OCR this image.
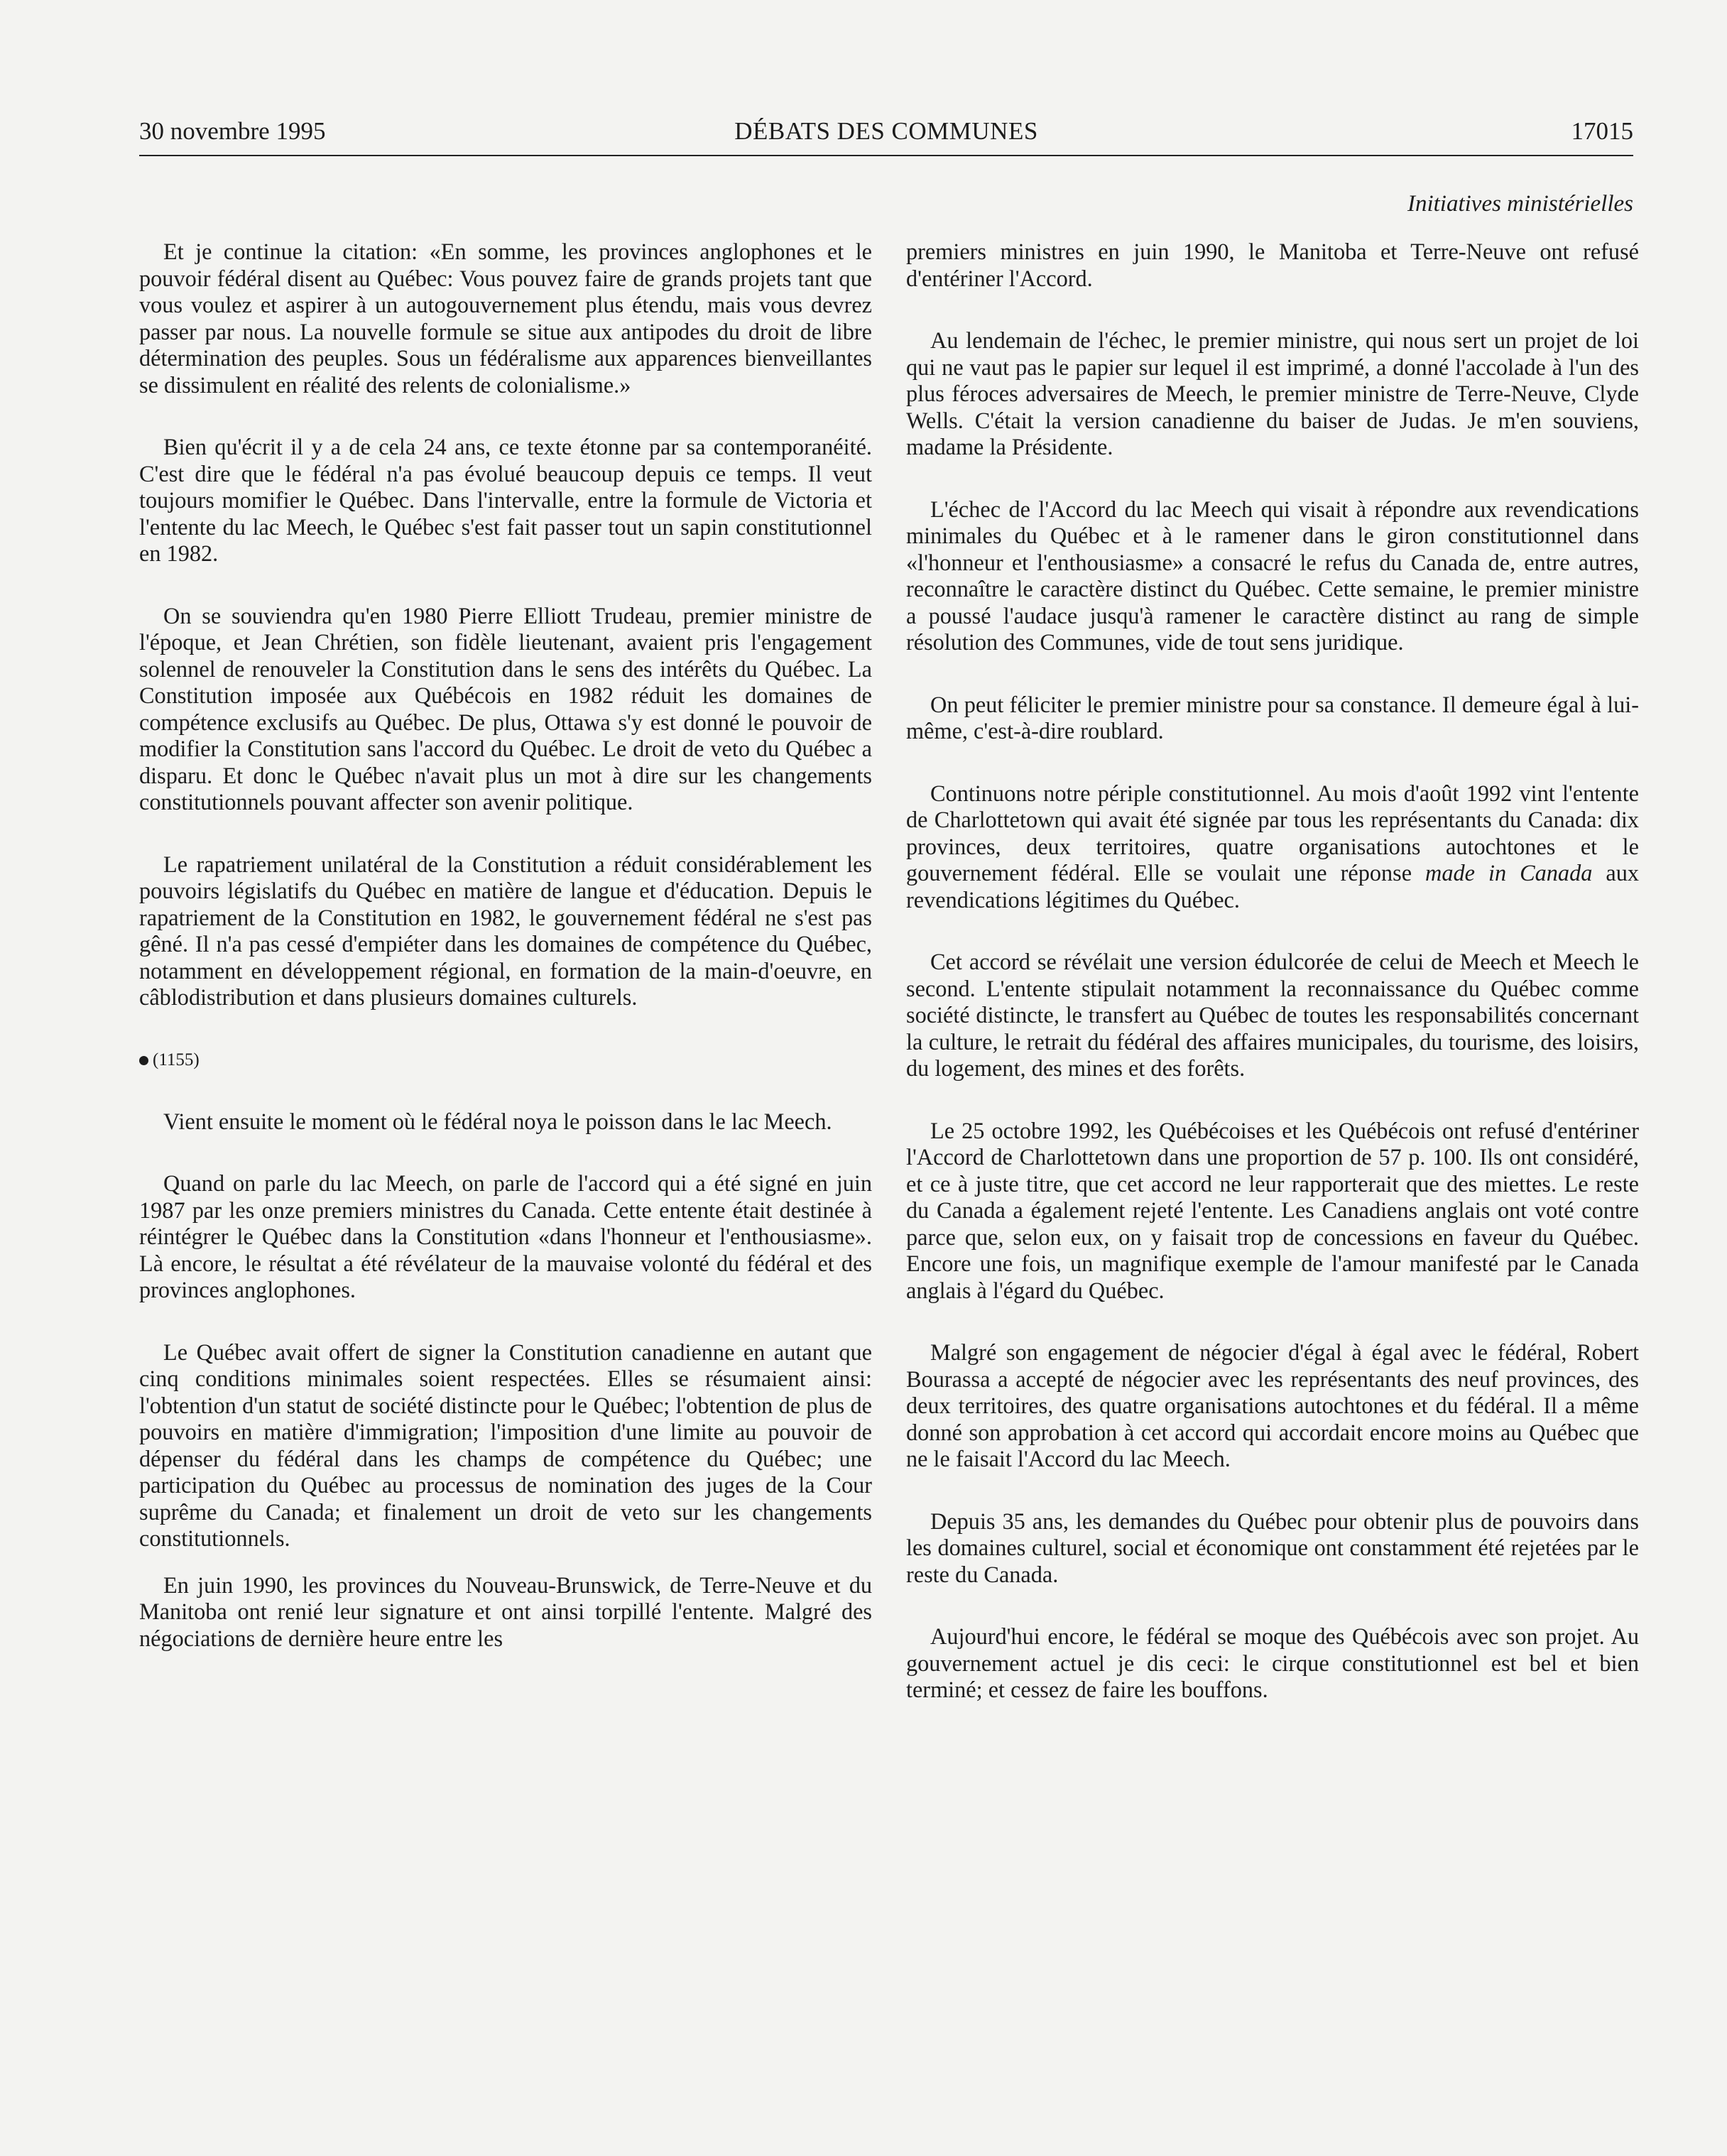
30 novembre 1995	DÉBATS DES COMMUNES	17015
Initiatives ministérielles

Et je continue la citation: «En somme, les provinces anglophones et le pouvoir fédéral disent au Québec: Vous pouvez faire de grands projets tant que vous voulez et aspirer à un autogouvernement plus étendu, mais vous devrez passer par nous. La nouvelle formule se situe aux antipodes du droit de libre détermination des peuples. Sous un fédéralisme aux apparences bienveillantes se dissimulent en réalité des relents de colonialisme.»

Bien qu'écrit il y a de cela 24 ans, ce texte étonne par sa contemporanéité. C'est dire que le fédéral n'a pas évolué beaucoup depuis ce temps. Il veut toujours momifier le Québec. Dans l'intervalle, entre la formule de Victoria et l'entente du lac Meech, le Québec s'est fait passer tout un sapin constitutionnel en 1982.

On se souviendra qu'en 1980 Pierre Elliott Trudeau, premier ministre de l'époque, et Jean Chrétien, son fidèle lieutenant, avaient pris l'engagement solennel de renouveler la Constitution dans le sens des intérêts du Québec. La Constitution imposée aux Québécois en 1982 réduit les domaines de compétence exclusifs au Québec. De plus, Ottawa s'y est donné le pouvoir de modifier la Constitution sans l'accord du Québec. Le droit de veto du Québec a disparu. Et donc le Québec n'avait plus un mot à dire sur les changements constitutionnels pouvant affecter son avenir politique.

Le rapatriement unilatéral de la Constitution a réduit considérablement les pouvoirs législatifs du Québec en matière de langue et d'éducation. Depuis le rapatriement de la Constitution en 1982, le gouvernement fédéral ne s'est pas gêné. Il n'a pas cessé d'empiéter dans les domaines de compétence du Québec, notamment en développement régional, en formation de la main-d'oeuvre, en câblodistribution et dans plusieurs domaines culturels.

(1155)

Vient ensuite le moment où le fédéral noya le poisson dans le lac Meech.

Quand on parle du lac Meech, on parle de l'accord qui a été signé en juin 1987 par les onze premiers ministres du Canada. Cette entente était destinée à réintégrer le Québec dans la Constitution «dans l'honneur et l'enthousiasme». Là encore, le résultat a été révélateur de la mauvaise volonté du fédéral et des provinces anglophones.

Le Québec avait offert de signer la Constitution canadienne en autant que cinq conditions minimales soient respectées. Elles se résumaient ainsi: l'obtention d'un statut de société distincte pour le Québec; l'obtention de plus de pouvoirs en matière d'immigration; l'imposition d'une limite au pouvoir de dépenser du fédéral dans les champs de compétence du Québec; une participation du Québec au processus de nomination des juges de la Cour suprême du Canada; et finalement un droit de veto sur les changements constitutionnels.

En juin 1990, les provinces du Nouveau-Brunswick, de Terre-Neuve et du Manitoba ont renié leur signature et ont ainsi torpillé l'entente. Malgré des négociations de dernière heure entre les

premiers ministres en juin 1990, le Manitoba et Terre-Neuve ont refusé d'entériner l'Accord.

Au lendemain de l'échec, le premier ministre, qui nous sert un projet de loi qui ne vaut pas le papier sur lequel il est imprimé, a donné l'accolade à l'un des plus féroces adversaires de Meech, le premier ministre de Terre-Neuve, Clyde Wells. C'était la version canadienne du baiser de Judas. Je m'en souviens, madame la Présidente.

L'échec de l'Accord du lac Meech qui visait à répondre aux revendications minimales du Québec et à le ramener dans le giron constitutionnel dans «l'honneur et l'enthousiasme» a consacré le refus du Canada de, entre autres, reconnaître le caractère distinct du Québec. Cette semaine, le premier ministre a poussé l'audace jusqu'à ramener le caractère distinct au rang de simple résolution des Communes, vide de tout sens juridique.

On peut féliciter le premier ministre pour sa constance. Il demeure égal à lui-même, c'est-à-dire roublard.

Continuons notre périple constitutionnel. Au mois d'août 1992 vint l'entente de Charlottetown qui avait été signée par tous les représentants du Canada: dix provinces, deux territoires, quatre organisations autochtones et le gouvernement fédéral. Elle se voulait une réponse made in Canada aux revendications légitimes du Québec.

Cet accord se révélait une version édulcorée de celui de Meech et Meech le second. L'entente stipulait notamment la reconnaissance du Québec comme société distincte, le transfert au Québec de toutes les responsabilités concernant la culture, le retrait du fédéral des affaires municipales, du tourisme, des loisirs, du logement, des mines et des forêts.

Le 25 octobre 1992, les Québécoises et les Québécois ont refusé d'entériner l'Accord de Charlottetown dans une proportion de 57 p. 100. Ils ont considéré, et ce à juste titre, que cet accord ne leur rapporterait que des miettes. Le reste du Canada a également rejeté l'entente. Les Canadiens anglais ont voté contre parce que, selon eux, on y faisait trop de concessions en faveur du Québec. Encore une fois, un magnifique exemple de l'amour manifesté par le Canada anglais à l'égard du Québec.

Malgré son engagement de négocier d'égal à égal avec le fédéral, Robert Bourassa a accepté de négocier avec les représentants des neuf provinces, des deux territoires, des quatre organisations autochtones et du fédéral. Il a même donné son approbation à cet accord qui accordait encore moins au Québec que ne le faisait l'Accord du lac Meech.

Depuis 35 ans, les demandes du Québec pour obtenir plus de pouvoirs dans les domaines culturel, social et économique ont constamment été rejetées par le reste du Canada.

Aujourd'hui encore, le fédéral se moque des Québécois avec son projet. Au gouvernement actuel je dis ceci: le cirque constitutionnel est bel et bien terminé; et cessez de faire les bouffons.
